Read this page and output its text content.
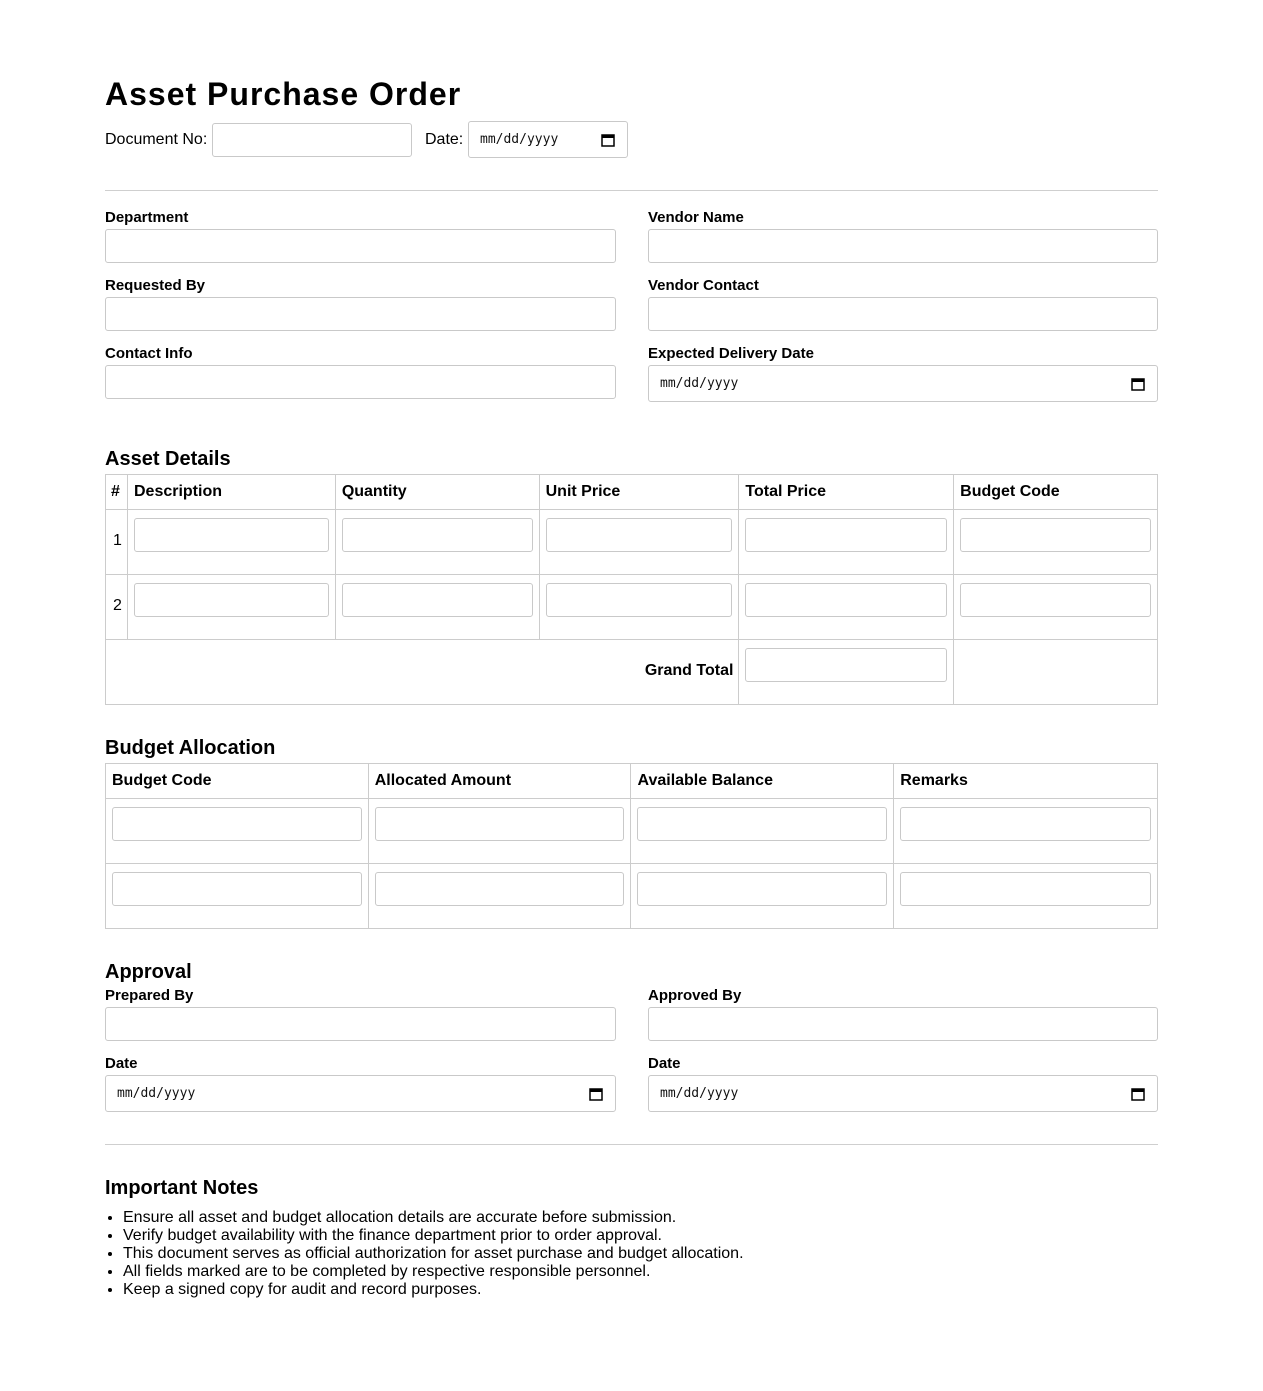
Asset Purchase Order
Document No:	Date: mm/dd/yyyy
Department	Vendor Name
Requested By	Vendor Contact
Contact Info	Expected Delivery Date
mm/dd/yyyy
Asset Details
#	Description	Quantity	Unit Price	Total Price	Budget Code

1					

2					

Grand Total					

Budget Allocation
Budget Code	Allocated Amount	Available Balance	Remarks

Approval
Prepared By	Approved By
Date
mm/dd/yyyy
Date
mm/dd/yyyy
Important Notes
• Ensure all asset and budget allocation details are accurate before submission.
• Verify budget availability with the finance department prior to order approval.
• This document serves as official authorization for asset purchase and budget allocation.
• All fields marked are to be completed by respective responsible personnel.
• Keep a signed copy for audit and record purposes.
